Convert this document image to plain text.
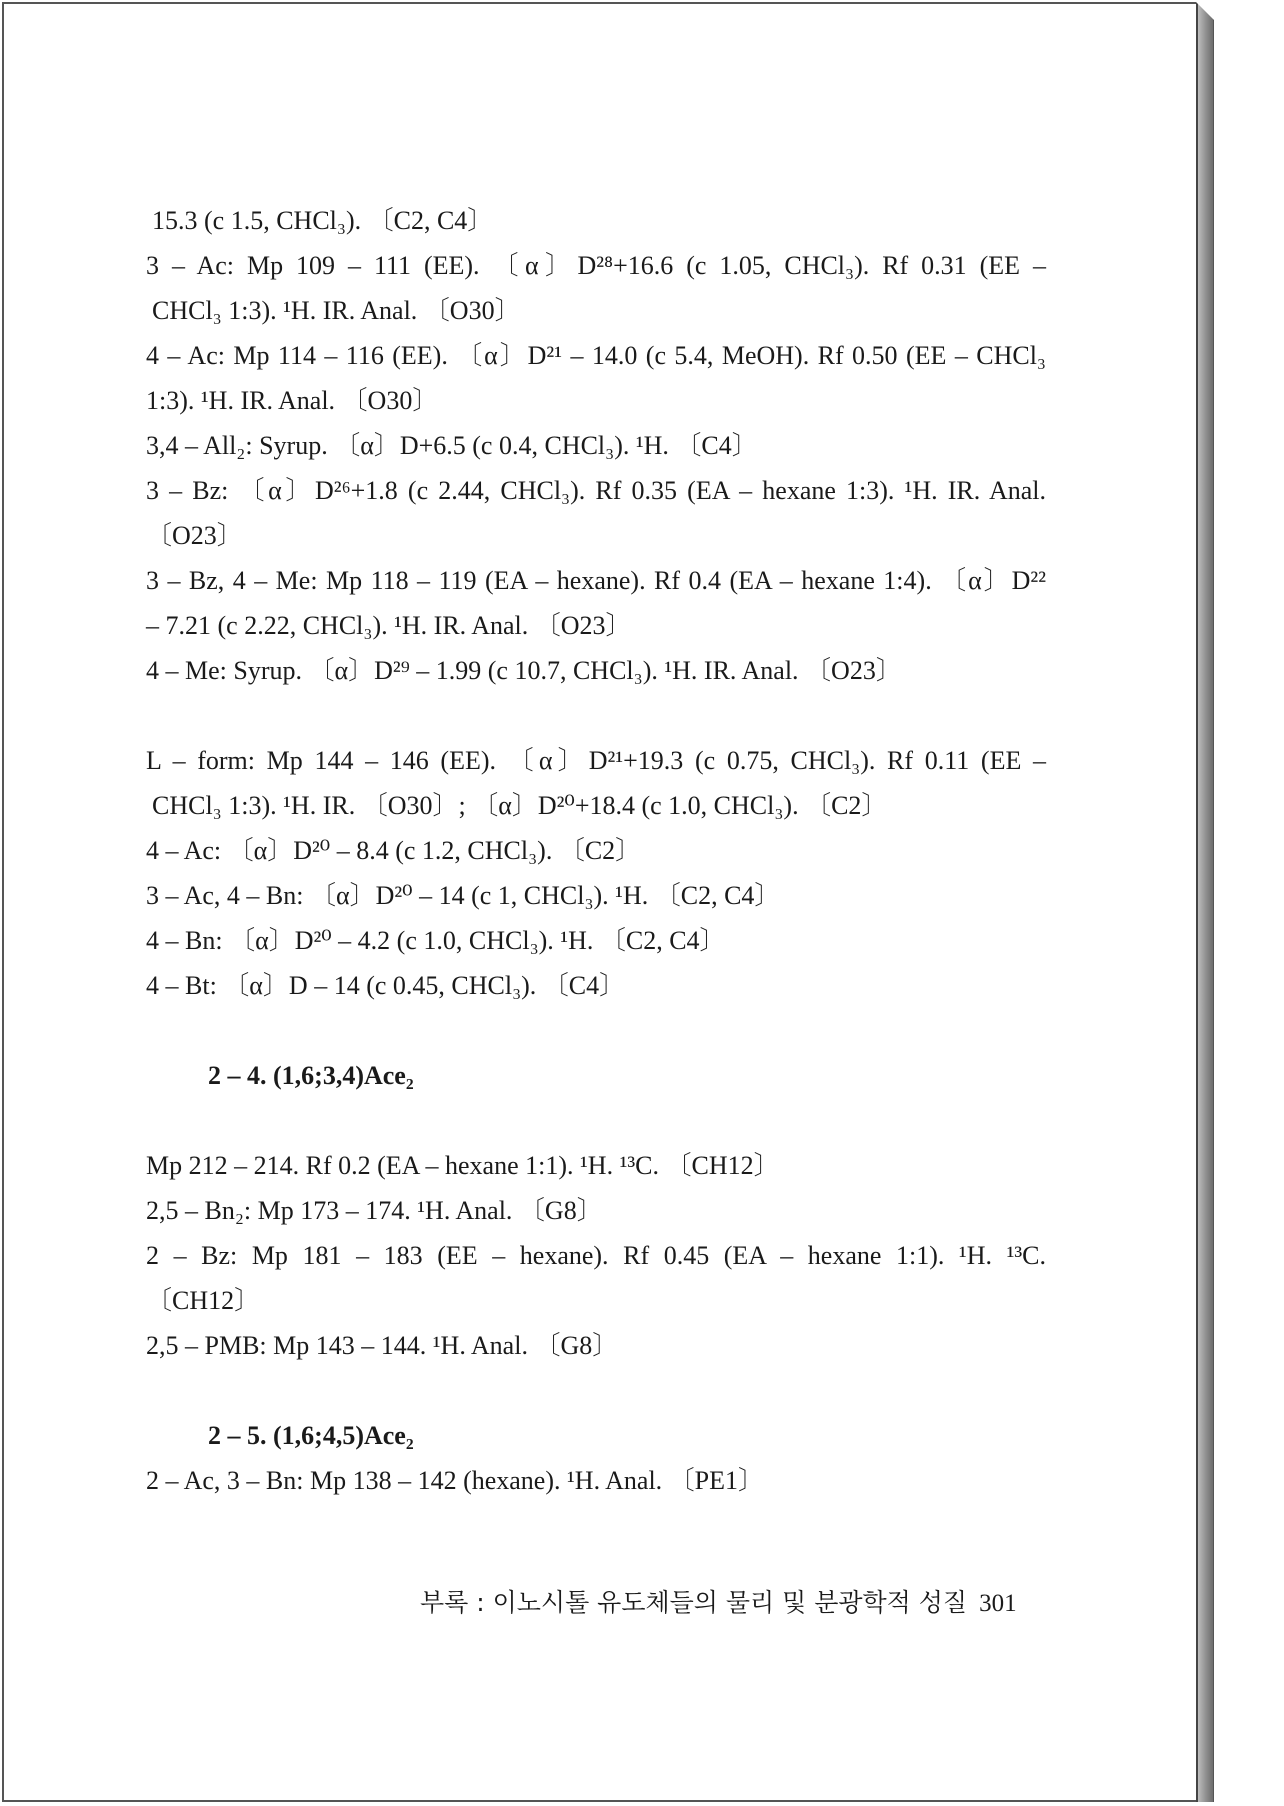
15.3 (c 1.5, CHCl₃). 〔C2, C4〕
3 – Ac: Mp 109 – 111 (EE). 〔α〕D²⁸+16.6 (c 1.05, CHCl₃). Rf 0.31 (EE –
CHCl₃ 1:3). ¹H. IR. Anal. 〔O30〕
4 – Ac: Mp 114 – 116 (EE). 〔α〕D²¹ – 14.0 (c 5.4, MeOH). Rf 0.50 (EE – CHCl₃
1:3). ¹H. IR. Anal. 〔O30〕
3,4 – All₂: Syrup. 〔α〕D+6.5 (c 0.4, CHCl₃). ¹H. 〔C4〕
3 – Bz: 〔α〕D²⁶+1.8 (c 2.44, CHCl₃). Rf 0.35 (EA – hexane 1:3). ¹H. IR. Anal.
〔O23〕
3 – Bz, 4 – Me: Mp 118 – 119 (EA – hexane). Rf 0.4 (EA – hexane 1:4). 〔α〕D²²
– 7.21 (c 2.22, CHCl₃). ¹H. IR. Anal. 〔O23〕
4 – Me: Syrup. 〔α〕D²⁹ – 1.99 (c 10.7, CHCl₃). ¹H. IR. Anal. 〔O23〕
L – form: Mp 144 – 146 (EE). 〔α〕D²¹+19.3 (c 0.75, CHCl₃). Rf 0.11 (EE –
CHCl₃ 1:3). ¹H. IR. 〔O30〕; 〔α〕D²⁰+18.4 (c 1.0, CHCl₃). 〔C2〕
4 – Ac: 〔α〕D²⁰ – 8.4 (c 1.2, CHCl₃). 〔C2〕
3 – Ac, 4 – Bn: 〔α〕D²⁰ – 14 (c 1, CHCl₃). ¹H. 〔C2, C4〕
4 – Bn: 〔α〕D²⁰ – 4.2 (c 1.0, CHCl₃). ¹H. 〔C2, C4〕
4 – Bt: 〔α〕D – 14 (c 0.45, CHCl₃). 〔C4〕
2 – 4. (1,6;3,4)Ace₂
Mp 212 – 214. Rf 0.2 (EA – hexane 1:1). ¹H. ¹³C. 〔CH12〕
2,5 – Bn₂: Mp 173 – 174. ¹H. Anal. 〔G8〕
2 – Bz: Mp 181 – 183 (EE – hexane). Rf 0.45 (EA – hexane 1:1). ¹H. ¹³C.
〔CH12〕
2,5 – PMB: Mp 143 – 144. ¹H. Anal. 〔G8〕
2 – 5. (1,6;4,5)Ace₂
2 – Ac, 3 – Bn: Mp 138 – 142 (hexane). ¹H. Anal. 〔PE1〕
부록 : 이노시톨 유도체들의 물리 및 분광학적 성질 301
